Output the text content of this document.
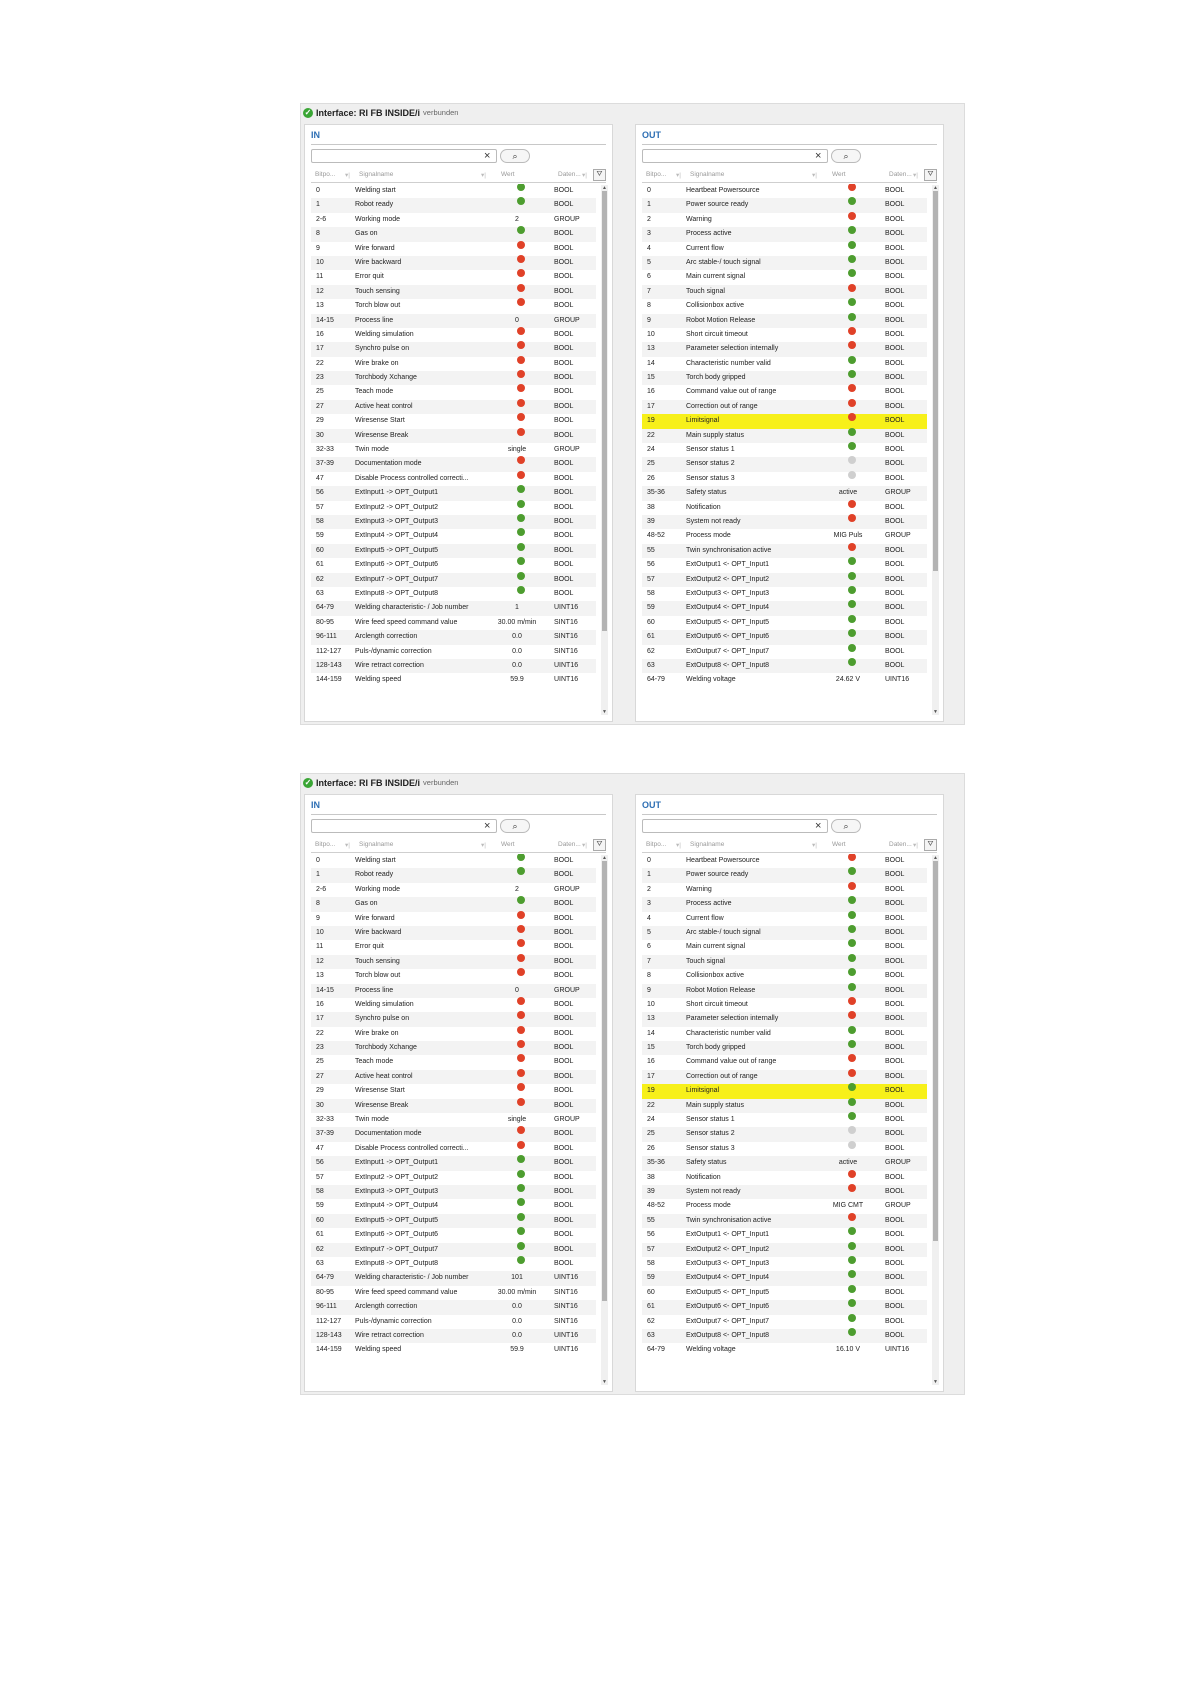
✓ Interface: RI FB INSIDE/i verbunden
IN
×	⌕
Bitpo...	Signalname	Wert	Daten...
▾|	▾|	▾|	⛛
0	Welding start	BOOL
1	Robot ready	BOOL
2-6	Working mode	2	GROUP
8	Gas on	BOOL
9	Wire forward	BOOL
10	Wire backward	BOOL
11	Error quit	BOOL
12	Touch sensing	BOOL
13	Torch blow out	BOOL
14-15	Process line	0	GROUP
16	Welding simulation	BOOL
17	Synchro pulse on	BOOL
22	Wire brake on	BOOL
23	Torchbody Xchange	BOOL
25	Teach mode	BOOL
27	Active heat control	BOOL
29	Wiresense Start	BOOL
30	Wiresense Break	BOOL
32-33	Twin mode	single	GROUP
37-39	Documentation mode	BOOL
47	Disable Process controlled correcti...	BOOL
56	ExtInput1 -> OPT_Output1	BOOL
57	ExtInput2 -> OPT_Output2	BOOL
58	ExtInput3 -> OPT_Output3	BOOL
59	ExtInput4 -> OPT_Output4	BOOL
60	ExtInput5 -> OPT_Output5	BOOL
61	ExtInput6 -> OPT_Output6	BOOL
62	ExtInput7 -> OPT_Output7	BOOL
63	ExtInput8 -> OPT_Output8	BOOL
64-79	Welding characteristic- / Job number	1	UINT16
80-95	Wire feed speed command value	30.00 m/min	SINT16
96-111	Arclength correction	0.0	SINT16
112-127 Puls-/dynamic correction	0.0	SINT16
128-143 Wire retract correction	0.0	UINT16
144-159 Welding speed	59.9	UINT16
▲
▼
OUT
×	⌕
Bitpo...	Signalname	Wert	Daten...
▾|	▾|	▾|	⛛
0	Heartbeat Powersource	BOOL
1	Power source ready	BOOL
2	Warning	BOOL
3	Process active	BOOL
4	Current flow	BOOL
5	Arc stable-/ touch signal	BOOL
6	Main current signal	BOOL
7	Touch signal	BOOL
8	Collisionbox active	BOOL
9	Robot Motion Release	BOOL
10	Short circuit timeout	BOOL
13	Parameter selection internally	BOOL
14	Characteristic number valid	BOOL
15	Torch body gripped	BOOL
16	Command value out of range	BOOL
17	Correction out of range	BOOL
19	Limitsignal	BOOL
22	Main supply status	BOOL
24	Sensor status 1	BOOL
25	Sensor status 2	BOOL
26	Sensor status 3	BOOL
35-36	Safety status	active	GROUP
38	Notification	BOOL
39	System not ready	BOOL
48-52	Process mode	MIG Puls	GROUP
55	Twin synchronisation active	BOOL
56	ExtOutput1 <- OPT_Input1	BOOL
57	ExtOutput2 <- OPT_Input2	BOOL
58	ExtOutput3 <- OPT_Input3	BOOL
59	ExtOutput4 <- OPT_Input4	BOOL
60	ExtOutput5 <- OPT_Input5	BOOL
61	ExtOutput6 <- OPT_Input6	BOOL
62	ExtOutput7 <- OPT_Input7	BOOL
63	ExtOutput8 <- OPT_Input8	BOOL
64-79	Welding voltage	24.62 V	UINT16
▲
▼
✓ Interface: RI FB INSIDE/i verbunden
IN
×	⌕
Bitpo...	Signalname	Wert	Daten...
▾|	▾|	▾|	⛛
0	Welding start	BOOL
1	Robot ready	BOOL
2-6	Working mode	2	GROUP
8	Gas on	BOOL
9	Wire forward	BOOL
10	Wire backward	BOOL
11	Error quit	BOOL
12	Touch sensing	BOOL
13	Torch blow out	BOOL
14-15	Process line	0	GROUP
16	Welding simulation	BOOL
17	Synchro pulse on	BOOL
22	Wire brake on	BOOL
23	Torchbody Xchange	BOOL
25	Teach mode	BOOL
27	Active heat control	BOOL
29	Wiresense Start	BOOL
30	Wiresense Break	BOOL
32-33	Twin mode	single	GROUP
37-39	Documentation mode	BOOL
47	Disable Process controlled correcti...	BOOL
56	ExtInput1 -> OPT_Output1	BOOL
57	ExtInput2 -> OPT_Output2	BOOL
58	ExtInput3 -> OPT_Output3	BOOL
59	ExtInput4 -> OPT_Output4	BOOL
60	ExtInput5 -> OPT_Output5	BOOL
61	ExtInput6 -> OPT_Output6	BOOL
62	ExtInput7 -> OPT_Output7	BOOL
63	ExtInput8 -> OPT_Output8	BOOL
64-79	Welding characteristic- / Job number	101	UINT16
80-95	Wire feed speed command value	30.00 m/min	SINT16
96-111	Arclength correction	0.0	SINT16
112-127 Puls-/dynamic correction	0.0	SINT16
128-143 Wire retract correction	0.0	UINT16
144-159 Welding speed	59.9	UINT16
▲
▼
OUT
×	⌕
Bitpo...	Signalname	Wert	Daten...
▾|	▾|	▾|	⛛
0	Heartbeat Powersource	BOOL
1	Power source ready	BOOL
2	Warning	BOOL
3	Process active	BOOL
4	Current flow	BOOL
5	Arc stable-/ touch signal	BOOL
6	Main current signal	BOOL
7	Touch signal	BOOL
8	Collisionbox active	BOOL
9	Robot Motion Release	BOOL
10	Short circuit timeout	BOOL
13	Parameter selection internally	BOOL
14	Characteristic number valid	BOOL
15	Torch body gripped	BOOL
16	Command value out of range	BOOL
17	Correction out of range	BOOL
19	Limitsignal	BOOL
22	Main supply status	BOOL
24	Sensor status 1	BOOL
25	Sensor status 2	BOOL
26	Sensor status 3	BOOL
35-36	Safety status	active	GROUP
38	Notification	BOOL
39	System not ready	BOOL
48-52	Process mode	MIG CMT	GROUP
55	Twin synchronisation active	BOOL
56	ExtOutput1 <- OPT_Input1	BOOL
57	ExtOutput2 <- OPT_Input2	BOOL
58	ExtOutput3 <- OPT_Input3	BOOL
59	ExtOutput4 <- OPT_Input4	BOOL
60	ExtOutput5 <- OPT_Input5	BOOL
61	ExtOutput6 <- OPT_Input6	BOOL
62	ExtOutput7 <- OPT_Input7	BOOL
63	ExtOutput8 <- OPT_Input8	BOOL
64-79	Welding voltage	16.10 V	UINT16
▲
▼
